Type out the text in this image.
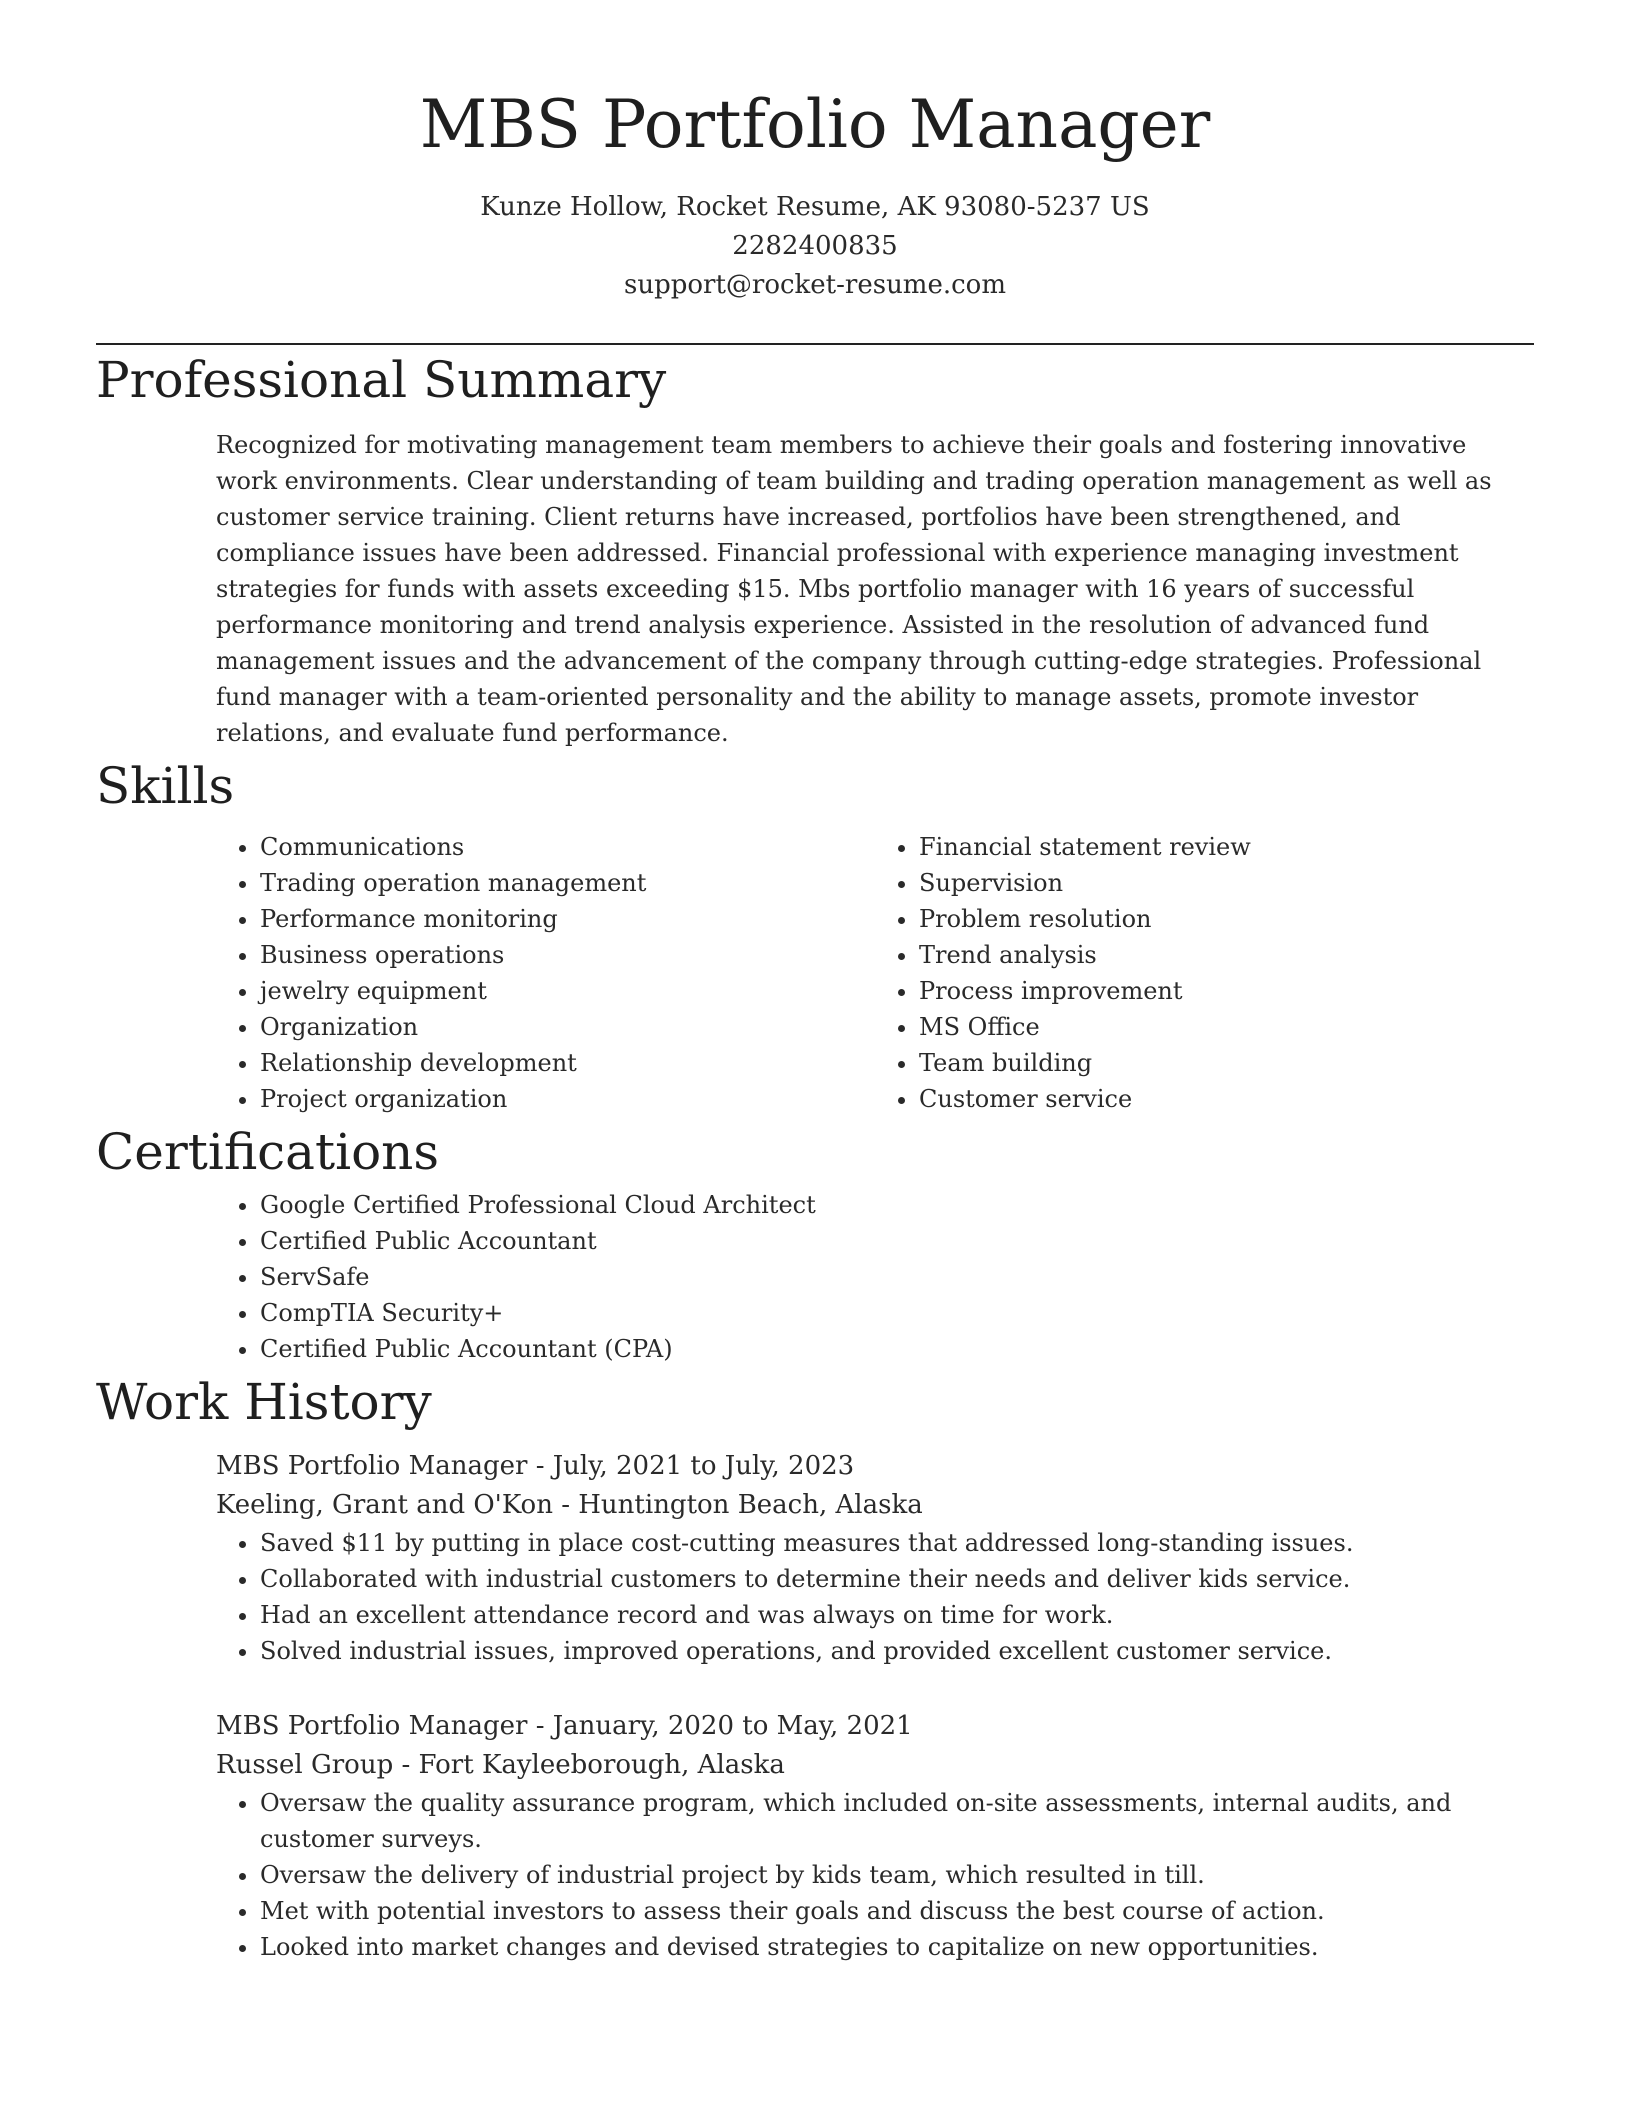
MBS Portfolio Manager
Kunze Hollow, Rocket Resume, AK 93080-5237 US
2282400835
support@rocket-resume.com
Professional Summary

Recognized for motivating management team members to achieve their goals and fostering innovative work environments. Clear understanding of team building and trading operation management as well as customer service training. Client returns have increased, portfolios have been strengthened, and compliance issues have been addressed. Financial professional with experience managing investment strategies for funds with assets exceeding $15. Mbs portfolio manager with 16 years of successful performance monitoring and trend analysis experience. Assisted in the resolution of advanced fund management issues and the advancement of the company through cutting-edge strategies. Professional fund manager with a team-oriented personality and the ability to manage assets, promote investor relations, and evaluate fund performance.

Skills
• Communications
• Trading operation management
• Performance monitoring
• Business operations
• jewelry equipment
• Organization
• Relationship development
• Project organization
• Financial statement review
• Supervision
• Problem resolution
• Trend analysis
• Process improvement
• MS Office
• Team building
• Customer service
Certifications
• Google Certified Professional Cloud Architect
• Certified Public Accountant
• ServSafe
• CompTIA Security+
• Certified Public Accountant (CPA)
Work History
MBS Portfolio Manager - July, 2021 to July, 2023
Keeling, Grant and O'Kon - Huntington Beach, Alaska
• Saved $11 by putting in place cost-cutting measures that addressed long-standing issues.
• Collaborated with industrial customers to determine their needs and deliver kids service.
• Had an excellent attendance record and was always on time for work.
• Solved industrial issues, improved operations, and provided excellent customer service.
MBS Portfolio Manager - January, 2020 to May, 2021
Russel Group - Fort Kayleeborough, Alaska
• Oversaw the quality assurance program, which included on-site assessments, internal audits, and customer surveys.
• Oversaw the delivery of industrial project by kids team, which resulted in till.
• Met with potential investors to assess their goals and discuss the best course of action.
• Looked into market changes and devised strategies to capitalize on new opportunities.
